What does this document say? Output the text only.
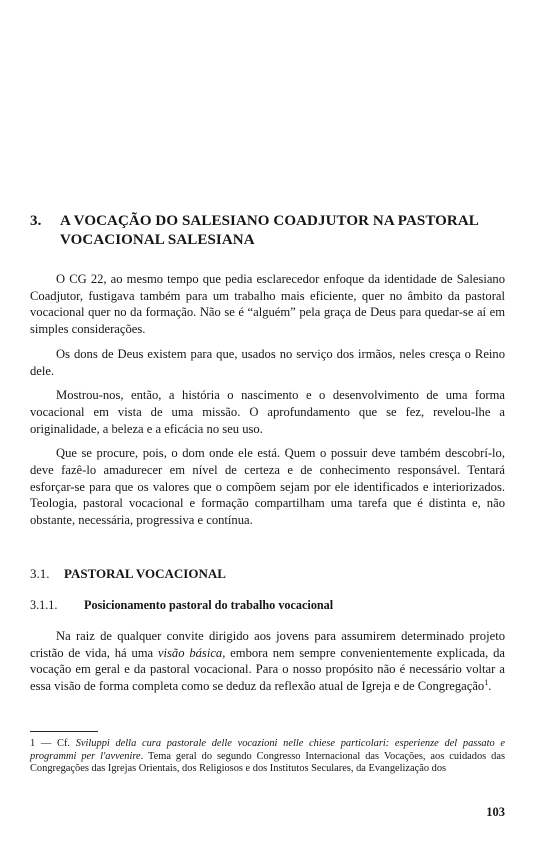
3. A VOCAÇÃO DO SALESIANO COADJUTOR NA PASTORAL VOCACIONAL SALESIANA

O CG 22, ao mesmo tempo que pedia esclarecedor enfoque da identidade de Salesiano Coadjutor, fustigava também para um trabalho mais eficiente, quer no âmbito da pastoral vocacional quer no da formação. Não se é “alguém” pela graça de Deus para quedar-se aí em simples considerações.

Os dons de Deus existem para que, usados no serviço dos irmãos, neles cresça o Reino dele.

Mostrou-nos, então, a história o nascimento e o desenvolvimento de uma forma vocacional em vista de uma missão. O aprofundamento que se fez, revelou-lhe a originalidade, a beleza e a eficácia no seu uso.

Que se procure, pois, o dom onde ele está. Quem o possuir deve também descobrí-lo, deve fazê-lo amadurecer em nível de certeza e de conhecimento responsável. Tentará esforçar-se para que os valores que o compõem sejam por ele identificados e interiorizados. Teologia, pastoral vocacional e formação compartilham uma tarefa que é distinta e, não obstante, necessária, progressiva e contínua.

3.1. PASTORAL VOCACIONAL
3.1.1. Posicionamento pastoral do trabalho vocacional

Na raiz de qualquer convite dirigido aos jovens para assumirem determinado projeto cristão de vida, há uma visão básica, embora nem sempre convenientemente explicada, da vocação em geral e da pastoral vocacional. Para o nosso propósito não é necessário voltar a essa visão de forma completa como se deduz da reflexão atual de Igreja e de Congregação$^1$.

1 — Cf. Sviluppi della cura pastorale delle vocazioni nelle chiese particolari: esperienze del passato e programmi per l'avvenire. Tema geral do segundo Congresso Internacional das Vocações, aos cuidados das Congregações das Igrejas Orientais, dos Religiosos e dos Institutos Seculares, da Evangelização dos
103
